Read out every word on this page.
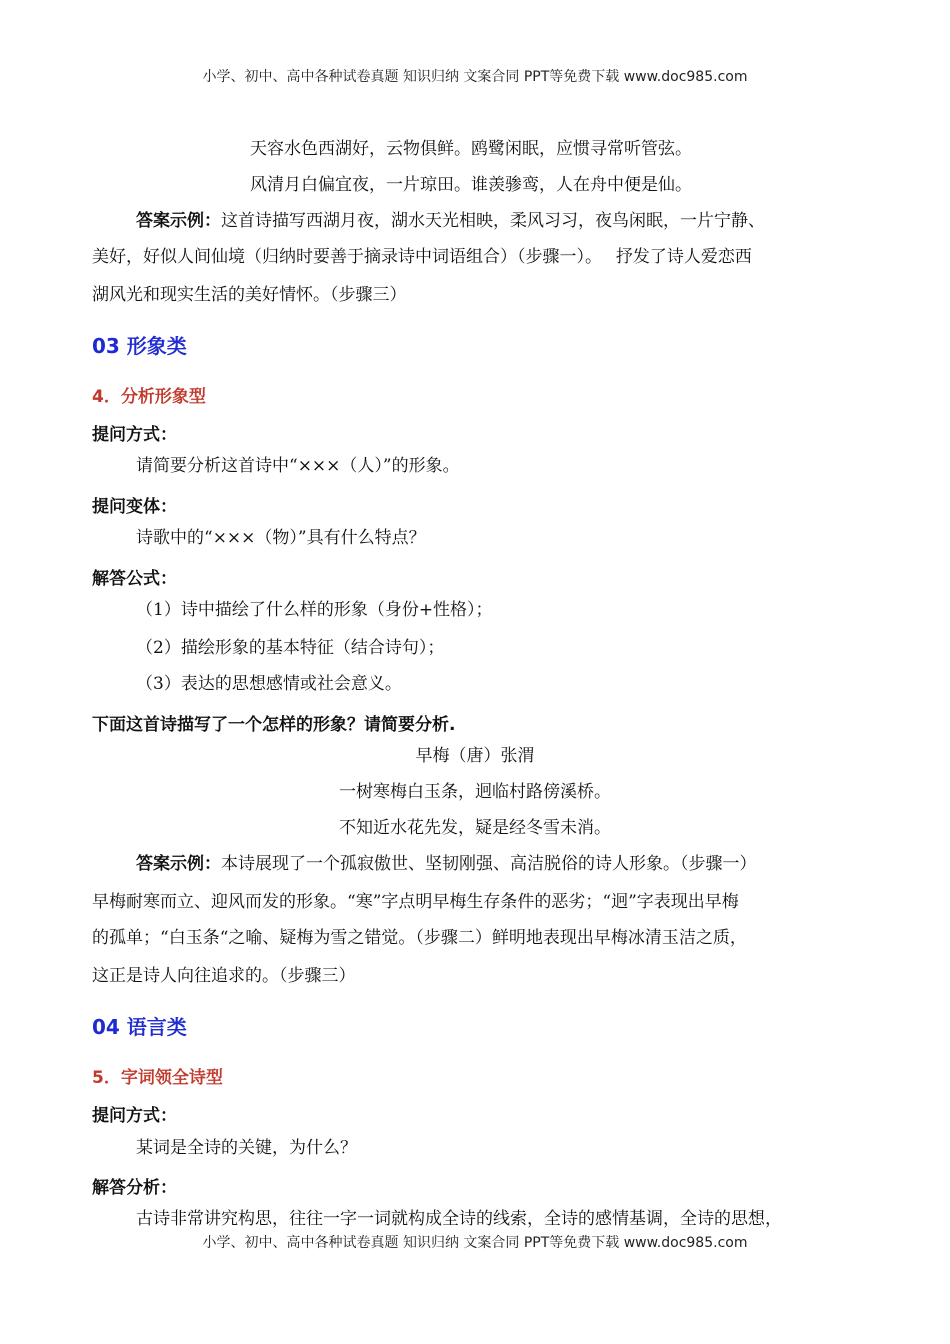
小学、初中、高中各种试卷真题 知识归纳 文案合同 PPT等免费下载 www.doc985.com
天容水色西湖好，云物俱鲜。鸥鹭闲眠，应惯寻常听管弦。
风清月白偏宜夜，一片琼田。谁羡骖鸾，人在舟中便是仙。
答案示例：这首诗描写西湖月夜，湖水天光相映，柔风习习，夜鸟闲眠，一片宁静、
美好，好似人间仙境（归纳时要善于摘录诗中词语组合）（步骤一）。　 抒发了诗人爱恋西
湖风光和现实生活的美好情怀。（步骤三）
03 形象类
4．分析形象型
提问方式：
请简要分析这首诗中“×××（人）”的形象。
提问变体：
诗歌中的“×××（物）”具有什么特点？
解答公式：
（1）诗中描绘了什么样的形象（身份+性格）；
（2）描绘形象的基本特征（结合诗句）；
（3）表达的思想感情或社会意义。
下面这首诗描写了一个怎样的形象？请简要分析.
早梅（唐）张渭
一树寒梅白玉条，迥临村路傍溪桥。
不知近水花先发，疑是经冬雪未消。
答案示例：本诗展现了一个孤寂傲世、坚韧刚强、高洁脱俗的诗人形象。（步骤一）
早梅耐寒而立、迎风而发的形象。“寒”字点明早梅生存条件的恶劣；“迥”字表现出早梅
的孤单；“白玉条“之喻、疑梅为雪之错觉。（步骤二）鲜明地表现出早梅冰清玉洁之质，
这正是诗人向往追求的。（步骤三）
04 语言类
5．字词领全诗型
提问方式：
某词是全诗的关键，为什么？
解答分析：
古诗非常讲究构思，往往一字一词就构成全诗的线索，全诗的感情基调，全诗的思想，
小学、初中、高中各种试卷真题 知识归纳 文案合同 PPT等免费下载 www.doc985.com
